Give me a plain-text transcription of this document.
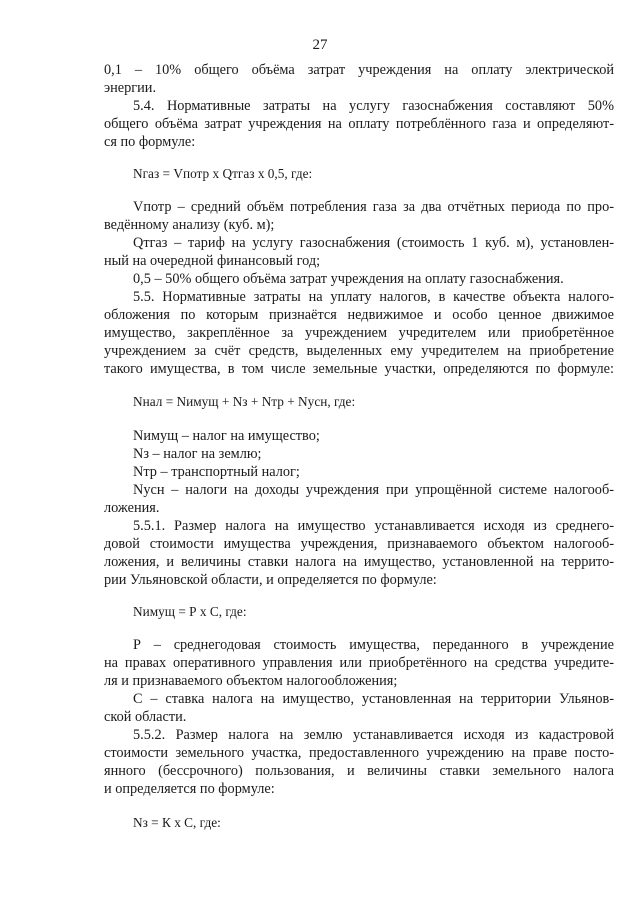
27
0,1 – 10% общего объёма затрат учреждения на оплату электрической
энергии.
5.4. Нормативные затраты на услугу газоснабжения составляют 50%
общего объёма затрат учреждения на оплату потреблённого газа и определяют-
ся по формуле:
Nгаз = Vпотр х Qтгаз х 0,5, где:
Vпотр – средний объём потребления газа за два отчётных периода по про-
ведённому анализу (куб. м);
Qтгаз – тариф на услугу газоснабжения (стоимость 1 куб. м), установлен-
ный на очередной финансовый год;
0,5 – 50% общего объёма затрат учреждения на оплату газоснабжения.
5.5. Нормативные затраты на уплату налогов, в качестве объекта налого-
обложения по которым признаётся недвижимое и особо ценное движимое
имущество, закреплённое за учреждением учредителем или приобретённое
учреждением за счёт средств, выделенных ему учредителем на приобретение
такого имущества, в том числе земельные участки, определяются по формуле:
Nнал = Nимущ + Nз + Nтр + Nусн, где:
Nимущ – налог на имущество;
Nз – налог на землю;
Nтр – транспортный налог;
Nусн – налоги на доходы учреждения при упрощённой системе налогооб-
ложения.
5.5.1. Размер налога на имущество устанавливается исходя из среднего-
довой стоимости имущества учреждения, признаваемого объектом налогооб-
ложения, и величины ставки налога на имущество, установленной на террито-
рии Ульяновской области, и определяется по формуле:
Nимущ = Р х С, где:
Р – среднегодовая стоимость имущества, переданного в учреждение
на правах оперативного управления или приобретённого на средства учредите-
ля и признаваемого объектом налогообложения;
С – ставка налога на имущество, установленная на территории Ульянов-
ской области.
5.5.2. Размер налога на землю устанавливается исходя из кадастровой
стоимости земельного участка, предоставленного учреждению на праве посто-
янного (бессрочного) пользования, и величины ставки земельного налога
и определяется по формуле:
Nз = К х С, где:
